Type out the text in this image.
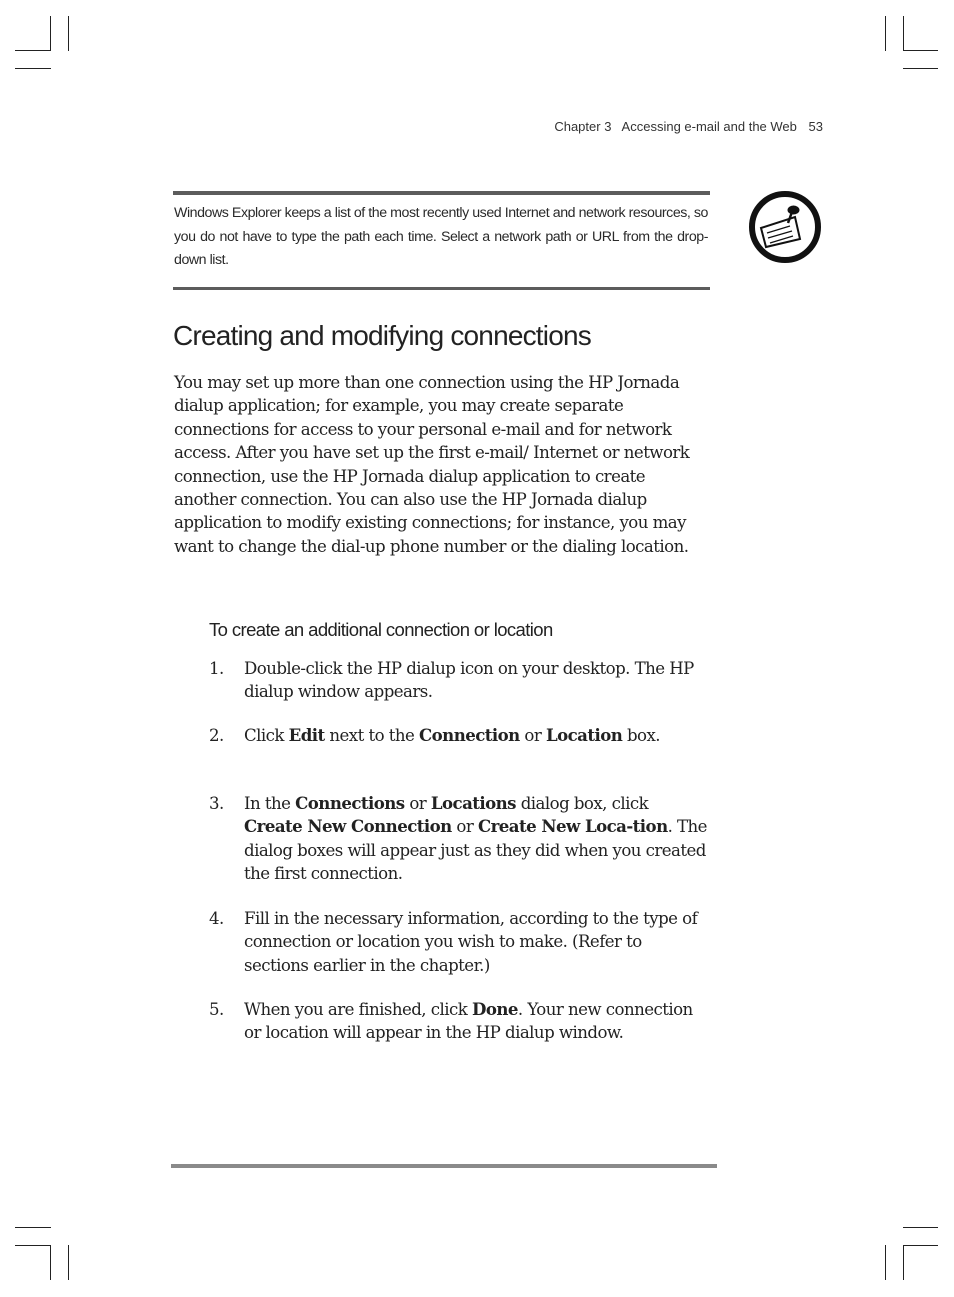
Chapter 3 Accessing e-mail and the Web 53
Windows Explorer keeps a list of the most recently used Internet and network resources, so you do not have to type the path each time. Select a network path or URL from the drop-down list.
Creating and modifying connections

You may set up more than one connection using the HP Jornada dialup application; for example, you may create separate connections for access to your personal e-mail and for network access. After you have set up the first e-mail/ Internet or network connection, use the HP Jornada dialup application to create another connection. You can also use the HP Jornada dialup application to modify existing connections; for instance, you may want to change the dial-up phone number or the dialing location.

To create an additional connection or location
1. Double-click the HP dialup icon on your desktop. The HP dialup window appears.
2. Click Edit next to the Connection or Location box.
3. In the Connections or Locations dialog box, click Create New Connection or Create New Loca-tion. The dialog boxes will appear just as they did when you created the first connection.
4. Fill in the necessary information, according to the type of connection or location you wish to make. (Refer to sections earlier in the chapter.)
5. When you are finished, click Done. Your new connection or location will appear in the HP dialup window.
